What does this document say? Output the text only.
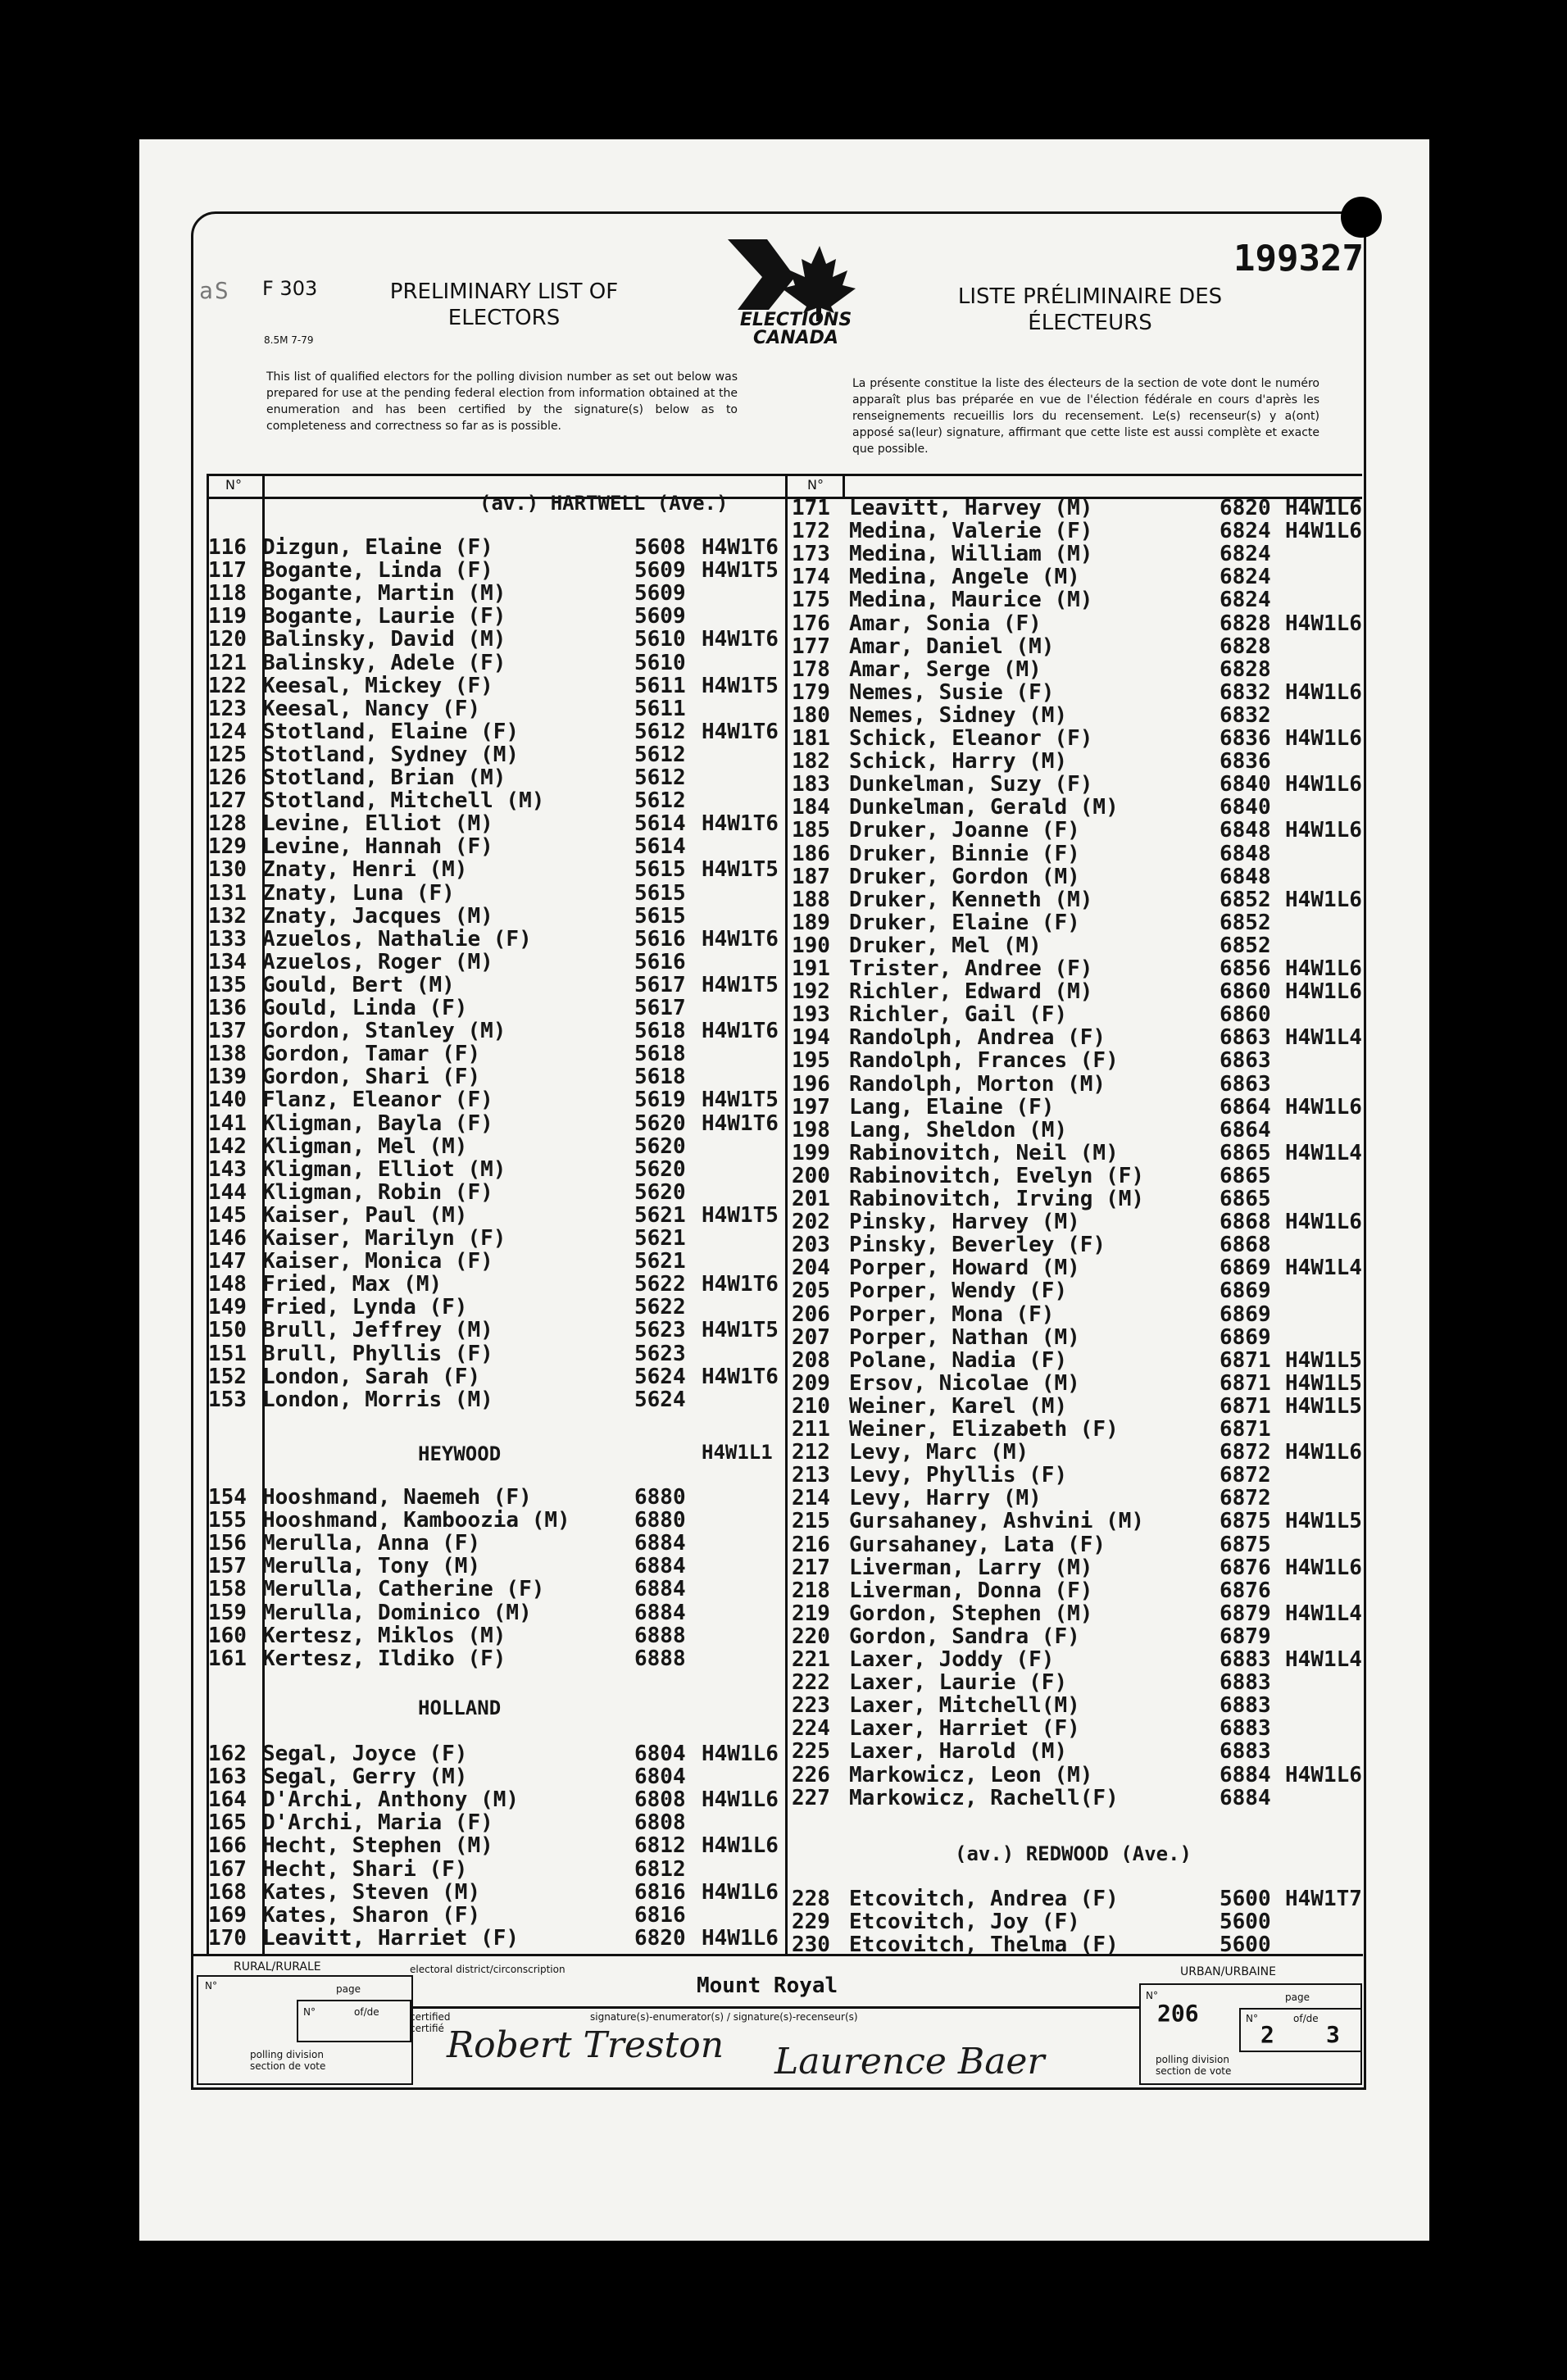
199327
aS F 303
8.5M 7-79
PRELIMINARY LIST OF ELECTORS
LISTE PRÉLIMINAIRE DES ÉLECTEURS
ELECTIONS CANADA
This list of qualified electors for the polling division number as set out below was prepared for use at the pending federal election from information obtained at the enumeration and has been certified by the signature(s) below as to completeness and correctness so far as is possible.
La présente constitue la liste des électeurs de la section de vote dont le numéro apparaît plus bas préparée en vue de l'élection fédérale en cours d'après les renseignements recueillis lors du recensement. Le(s) recenseur(s) y a(ont) apposé sa(leur) signature, affirmant que cette liste est aussi complète et exacte que possible.
N°	N°
(av.) HARTWELL (Ave.)
116 Dizgun, Elaine (F)	5608 H4W1T6
117 Bogante, Linda (F)	5609 H4W1T5
118 Bogante, Martin (M)	5609
119 Bogante, Laurie (F)	5609
120 Balinsky, David (M)	5610 H4W1T6
121 Balinsky, Adele (F)	5610
122 Keesal, Mickey (F)	5611 H4W1T5
123 Keesal, Nancy (F)	5611
124 Stotland, Elaine (F)	5612 H4W1T6
125 Stotland, Sydney (M)	5612
126 Stotland, Brian (M)	5612
127 Stotland, Mitchell (M)	5612
128 Levine, Elliot (M)	5614 H4W1T6
129 Levine, Hannah (F)	5614
130 Znaty, Henri (M)	5615 H4W1T5
131 Znaty, Luna (F)	5615
132 Znaty, Jacques (M)	5615
133 Azuelos, Nathalie (F)	5616 H4W1T6
134 Azuelos, Roger (M)	5616
135 Gould, Bert (M)	5617 H4W1T5
136 Gould, Linda (F)	5617
137 Gordon, Stanley (M)	5618 H4W1T6
138 Gordon, Tamar (F)	5618
139 Gordon, Shari (F)	5618
140 Flanz, Eleanor (F)	5619 H4W1T5
141 Kligman, Bayla (F)	5620 H4W1T6
142 Kligman, Mel (M)	5620
143 Kligman, Elliot (M)	5620
144 Kligman, Robin (F)	5620
145 Kaiser, Paul (M)	5621 H4W1T5
146 Kaiser, Marilyn (F)	5621
147 Kaiser, Monica (F)	5621
148 Fried, Max (M)	5622 H4W1T6
149 Fried, Lynda (F)	5622
150 Brull, Jeffrey (M)	5623 H4W1T5
151 Brull, Phyllis (F)	5623
152 London, Sarah (F)	5624 H4W1T6
153 London, Morris (M)	5624
HEYWOOD	H4W1L1
154 Hooshmand, Naemeh (F)	6880
155 Hooshmand, Kamboozia (M)	6880
156 Merulla, Anna (F)	6884
157 Merulla, Tony (M)	6884
158 Merulla, Catherine (F)	6884
159 Merulla, Dominico (M)	6884
160 Kertesz, Miklos (M)	6888
161 Kertesz, Ildiko (F)	6888
HOLLAND
162 Segal, Joyce (F)	6804 H4W1L6
163 Segal, Gerry (M)	6804
164 D'Archi, Anthony (M)	6808 H4W1L6
165 D'Archi, Maria (F)	6808
166 Hecht, Stephen (M)	6812 H4W1L6
167 Hecht, Shari (F)	6812
168 Kates, Steven (M)	6816 H4W1L6
169 Kates, Sharon (F)	6816
170 Leavitt, Harriet (F)	6820 H4W1L6
171 Leavitt, Harvey (M)	6820 H4W1L6
172 Medina, Valerie (F)	6824 H4W1L6
173 Medina, William (M)	6824
174 Medina, Angele (M)	6824
175 Medina, Maurice (M)	6824
176 Amar, Sonia (F)	6828 H4W1L6
177 Amar, Daniel (M)	6828
178 Amar, Serge (M)	6828
179 Nemes, Susie (F)	6832 H4W1L6
180 Nemes, Sidney (M)	6832
181 Schick, Eleanor (F)	6836 H4W1L6
182 Schick, Harry (M)	6836
183 Dunkelman, Suzy (F)	6840 H4W1L6
184 Dunkelman, Gerald (M)	6840
185 Druker, Joanne (F)	6848 H4W1L6
186 Druker, Binnie (F)	6848
187 Druker, Gordon (M)	6848
188 Druker, Kenneth (M)	6852 H4W1L6
189 Druker, Elaine (F)	6852
190 Druker, Mel (M)	6852
191 Trister, Andree (F)	6856 H4W1L6
192 Richler, Edward (M)	6860 H4W1L6
193 Richler, Gail (F)	6860
194 Randolph, Andrea (F)	6863 H4W1L4
195 Randolph, Frances (F)	6863
196 Randolph, Morton (M)	6863
197 Lang, Elaine (F)	6864 H4W1L6
198 Lang, Sheldon (M)	6864
199 Rabinovitch, Neil (M)	6865 H4W1L4
200 Rabinovitch, Evelyn (F)	6865
201 Rabinovitch, Irving (M)	6865
202 Pinsky, Harvey (M)	6868 H4W1L6
203 Pinsky, Beverley (F)	6868
204 Porper, Howard (M)	6869 H4W1L4
205 Porper, Wendy (F)	6869
206 Porper, Mona (F)	6869
207 Porper, Nathan (M)	6869
208 Polane, Nadia (F)	6871 H4W1L5
209 Ersov, Nicolae (M)	6871 H4W1L5
210 Weiner, Karel (M)	6871 H4W1L5
211 Weiner, Elizabeth (F)	6871
212 Levy, Marc (M)	6872 H4W1L6
213 Levy, Phyllis (F)	6872
214 Levy, Harry (M)	6872
215 Gursahaney, Ashvini (M)	6875 H4W1L5
216 Gursahaney, Lata (F)	6875
217 Liverman, Larry (M)	6876 H4W1L6
218 Liverman, Donna (F)	6876
219 Gordon, Stephen (M)	6879 H4W1L4
220 Gordon, Sandra (F)	6879
221 Laxer, Joddy (F)	6883 H4W1L4
222 Laxer, Laurie (F)	6883
223 Laxer, Mitchell(M)	6883
224 Laxer, Harriet (F)	6883
225 Laxer, Harold (M)	6883
226 Markowicz, Leon (M)	6884 H4W1L6
227 Markowicz, Rachell(F)	6884
(av.) REDWOOD (Ave.)
228 Etcovitch, Andrea (F)	5600 H4W1T7
229 Etcovitch, Joy (F)	5600
230 Etcovitch, Thelma (F)	5600
RURAL/RURALE
N°	page
N°	of/de
polling division
section de vote
electoral district/circonscription
Mount Royal
certified
certifié
signature(s)-enumerator(s) / signature(s)-recenseur(s)
Robert Treston Laurence Baer
URBAN/URBAINE
N°
206
page
N°
2
of/de
3
polling division
section de vote
